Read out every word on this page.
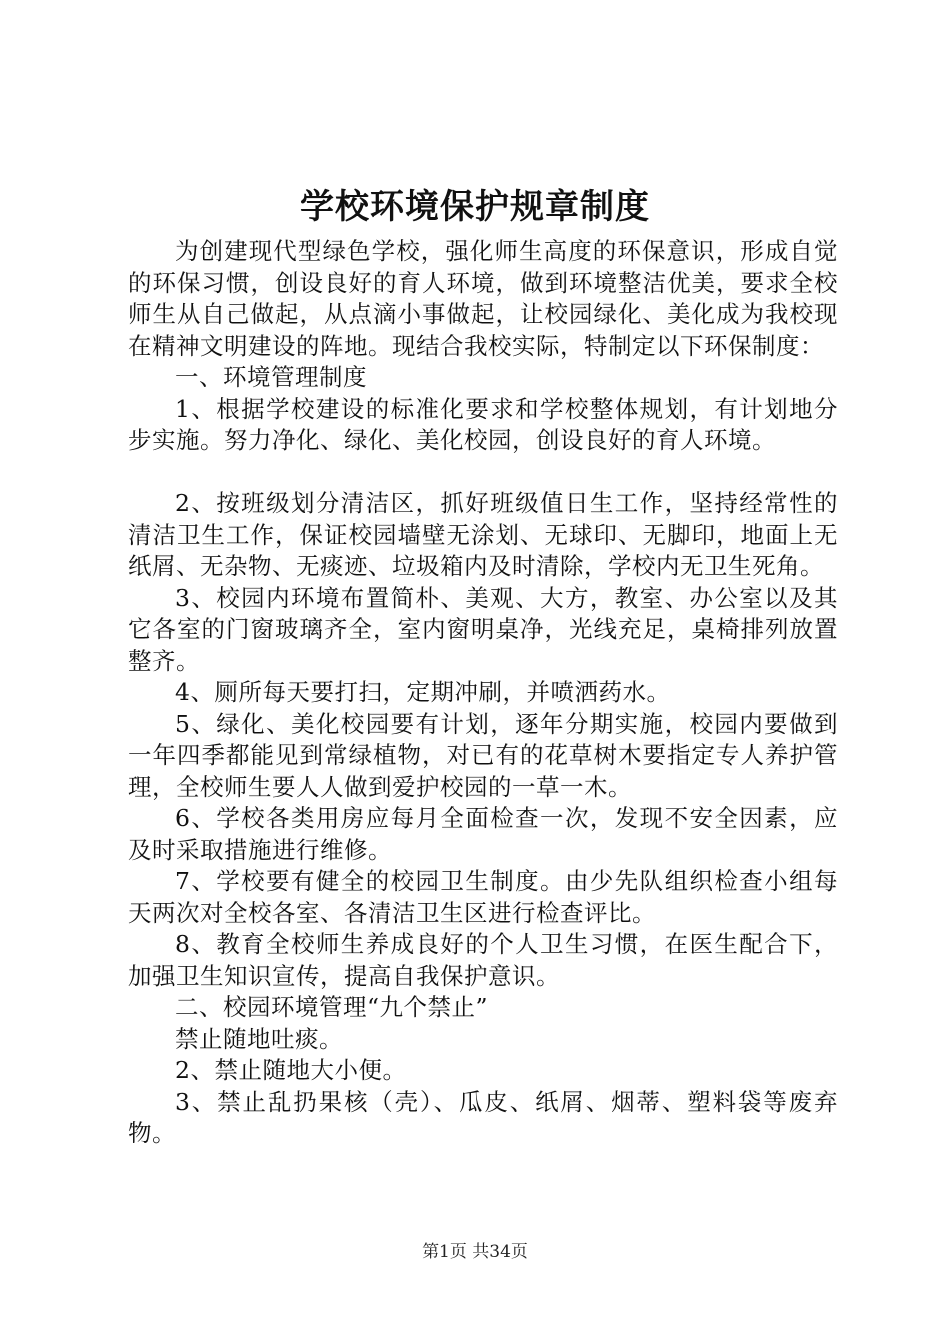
学校环境保护规章制度

为创建现代型绿色学校，强化师生高度的环保意识，形成自觉的环保习惯，创设良好的育人环境，做到环境整洁优美，要求全校师生从自己做起，从点滴小事做起，让校园绿化、美化成为我校现在精神文明建设的阵地。现结合我校实际，特制定以下环保制度：

一、环境管理制度

1、根据学校建设的标准化要求和学校整体规划，有计划地分步实施。努力净化、绿化、美化校园，创设良好的育人环境。

2、按班级划分清洁区，抓好班级值日生工作，坚持经常性的清洁卫生工作，保证校园墙壁无涂划、无球印、无脚印，地面上无纸屑、无杂物、无痰迹、垃圾箱内及时清除，学校内无卫生死角。

3、校园内环境布置简朴、美观、大方，教室、办公室以及其它各室的门窗玻璃齐全，室内窗明桌净，光线充足，桌椅排列放置整齐。

4、厕所每天要打扫，定期冲刷，并喷洒药水。

5、绿化、美化校园要有计划，逐年分期实施，校园内要做到一年四季都能见到常绿植物，对已有的花草树木要指定专人养护管理，全校师生要人人做到爱护校园的一草一木。

6、学校各类用房应每月全面检查一次，发现不安全因素，应及时采取措施进行维修。

7、学校要有健全的校园卫生制度。由少先队组织检查小组每天两次对全校各室、各清洁卫生区进行检查评比。

8、教育全校师生养成良好的个人卫生习惯，在医生配合下，加强卫生知识宣传，提高自我保护意识。

二、校园环境管理“九个禁止”

禁止随地吐痰。

2、禁止随地大小便。

3、禁止乱扔果核（壳）、瓜皮、纸屑、烟蒂、塑料袋等废弃物。

第1页 共34页
